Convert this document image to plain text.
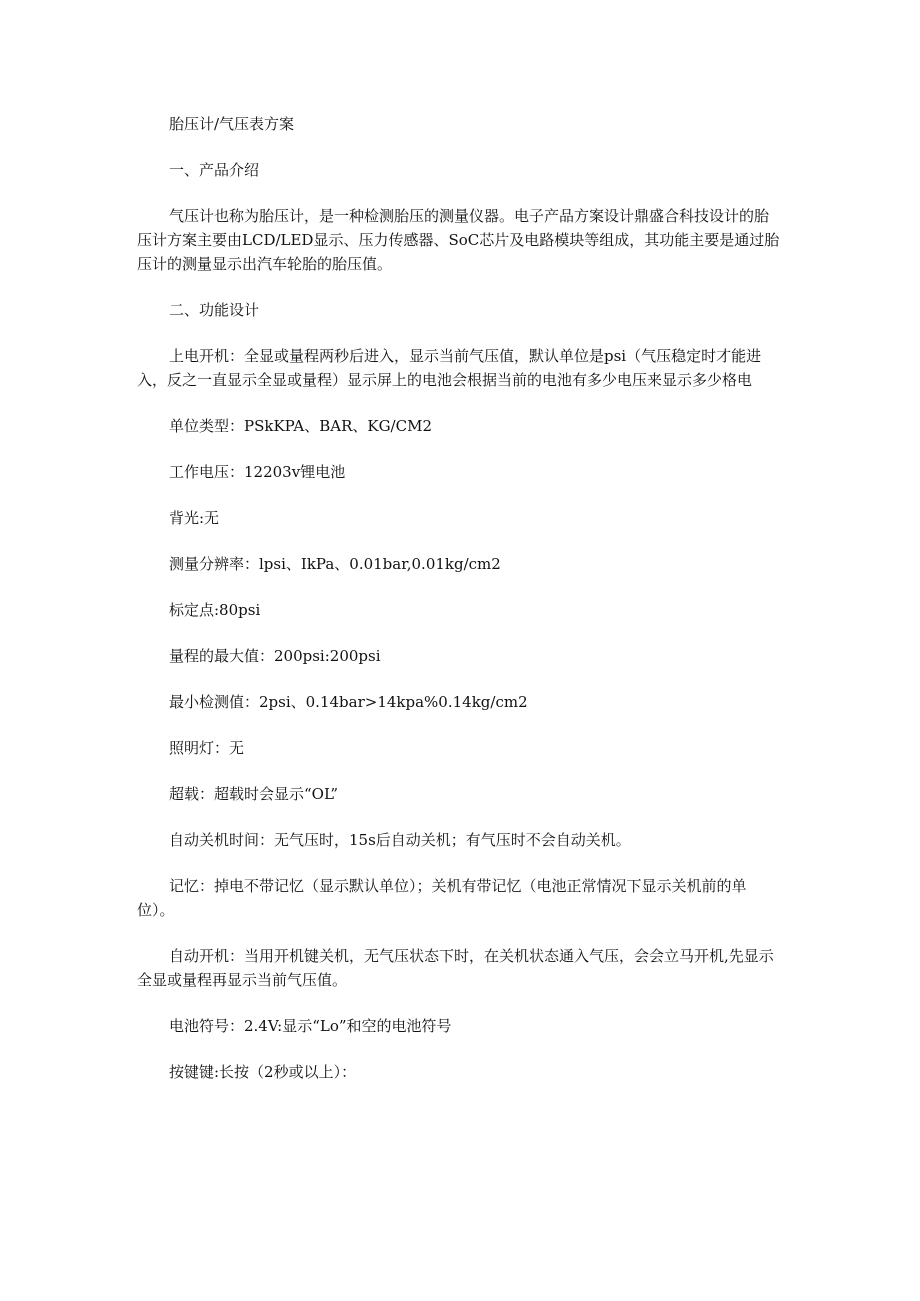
胎压计/气压表方案

一、产品介绍

气压计也称为胎压计，是一种检测胎压的测量仪器。电子产品方案设计鼎盛合科技设计的胎压计方案主要由LCD/LED显示、压力传感器、SoC芯片及电路模块等组成，其功能主要是通过胎压计的测量显示出汽车轮胎的胎压值。

二、功能设计

上电开机：全显或量程两秒后进入，显示当前气压值，默认单位是psi（气压稳定时才能进入，反之一直显示全显或量程）显示屏上的电池会根据当前的电池有多少电压来显示多少格电

单位类型：PSkKPA、BAR、KG/CM2

工作电压：12203v锂电池

背光:无

测量分辨率：lpsi、IkPa、0.01bar,0.01kg/cm2

标定点:80psi

量程的最大值：200psi:200psi

最小检测值：2psi、0.14bar>14kpa%0.14kg/cm2

照明灯：无

超载：超载时会显示“OL”

自动关机时间：无气压时，15s后自动关机；有气压时不会自动关机。

记忆：掉电不带记忆（显示默认单位）；关机有带记忆（电池正常情况下显示关机前的单位）。

自动开机：当用开机键关机，无气压状态下时，在关机状态通入气压，会会立马开机,先显示全显或量程再显示当前气压值。

电池符号：2.4V:显示“Lo”和空的电池符号

按键键:长按（2秒或以上）：
